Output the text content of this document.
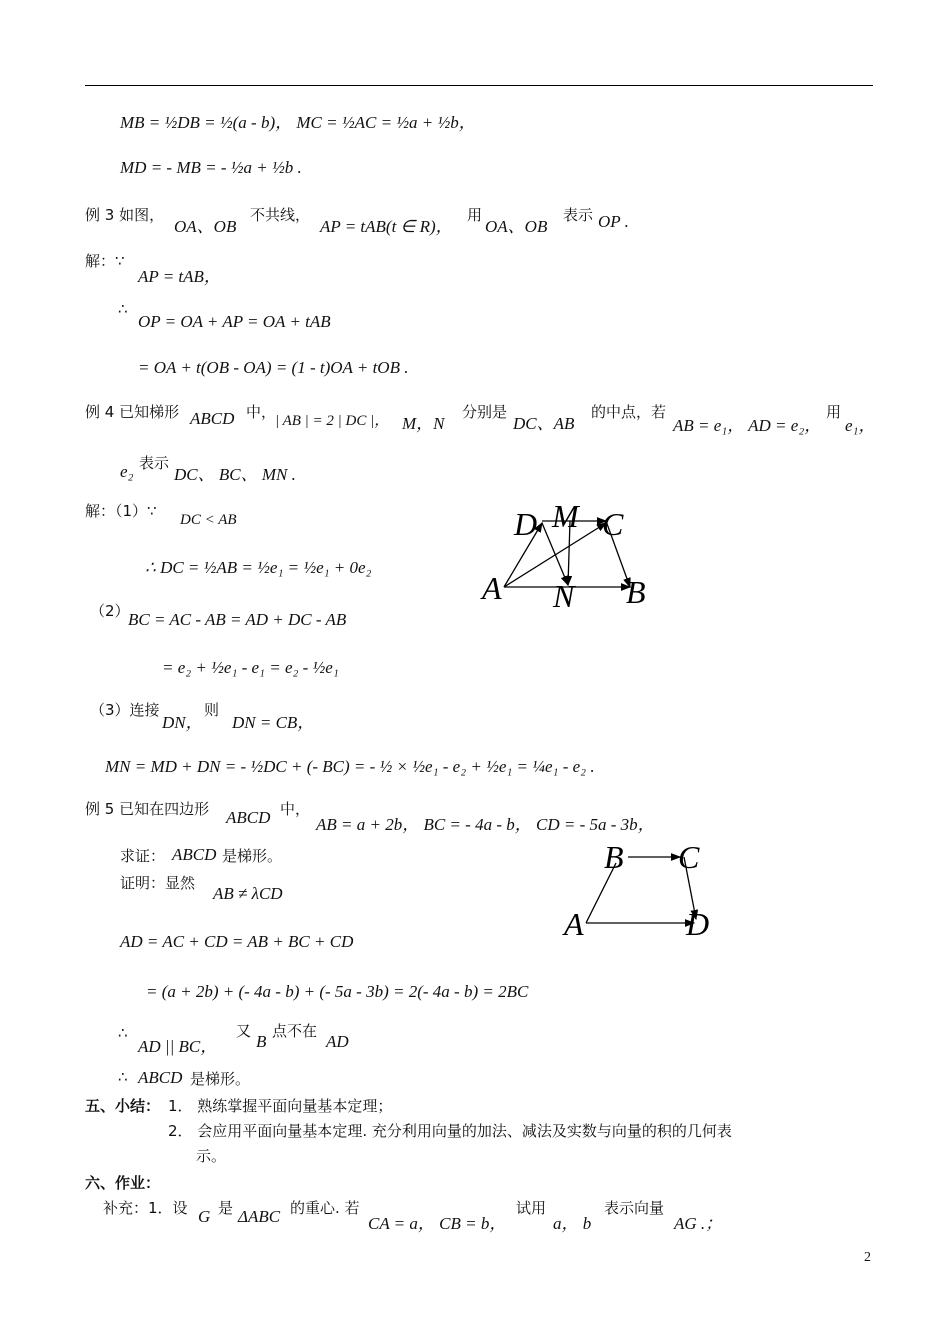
MB = ½DB = ½(a - b)， MC = ½AC = ½a + ½b，
MD = - MB = - ½a + ½b .
例 3 如图，
OA、OB
不共线，
AP = tAB(t ∈ R)，
用
OA、OB
表示 OP .
解：∵
AP = tAB，
∴
OP = OA + AP = OA + tAB
= OA + t(OB - OA) = (1 - t)OA + tOB .
例 4 已知梯形 ABCD 中，
| AB | = 2 | DC |， M，N
分别是
DC、AB
的中点，若
AB = e₁， AD = e₂，
用
e₁，
e₂ 表示
DC、 BC、 MN .
解：（1）∵ DC < AB
∴ DC = ½AB = ½e₁ = ½e₁ + 0e₂
（2）
BC = AC - AB = AD + DC - AB
= e₂ + ½e₁ - e₁ = e₂ - ½e₁
（3）连接
DN，
则
DN = CB，
MN = MD + DN = - ½DC + (- BC) = - ½ × ½e₁ - e₂ + ½e₁ = ¼e₁ - e₂ .
D M C
A N B
例 5 已知在四边形 ABCD 中，
AB = a + 2b， BC = - 4a - b， CD = - 5a - 3b，
求证： ABCD 是梯形。
证明：显然
AB ≠ λCD
AD = AC + CD = AB + BC + CD
= (a + 2b) + (- 4a - b) + (- 5a - 3b) = 2(- 4a - b) = 2BC
∴
AD || BC，
又
B
点不在
AD
∴ ABCD 是梯形。
B C
A	D
五、小结： 1． 熟练掌握平面向量基本定理；
2． 会应用平面向量基本定理. 充分利用向量的加法、减法及实数与向量的积的几何表
示。
六、作业：
补充：1．设 G 是 ΔABC 的重心. 若
CA = a， CB = b，
试用
a， b
表示向量
AG .；
2
